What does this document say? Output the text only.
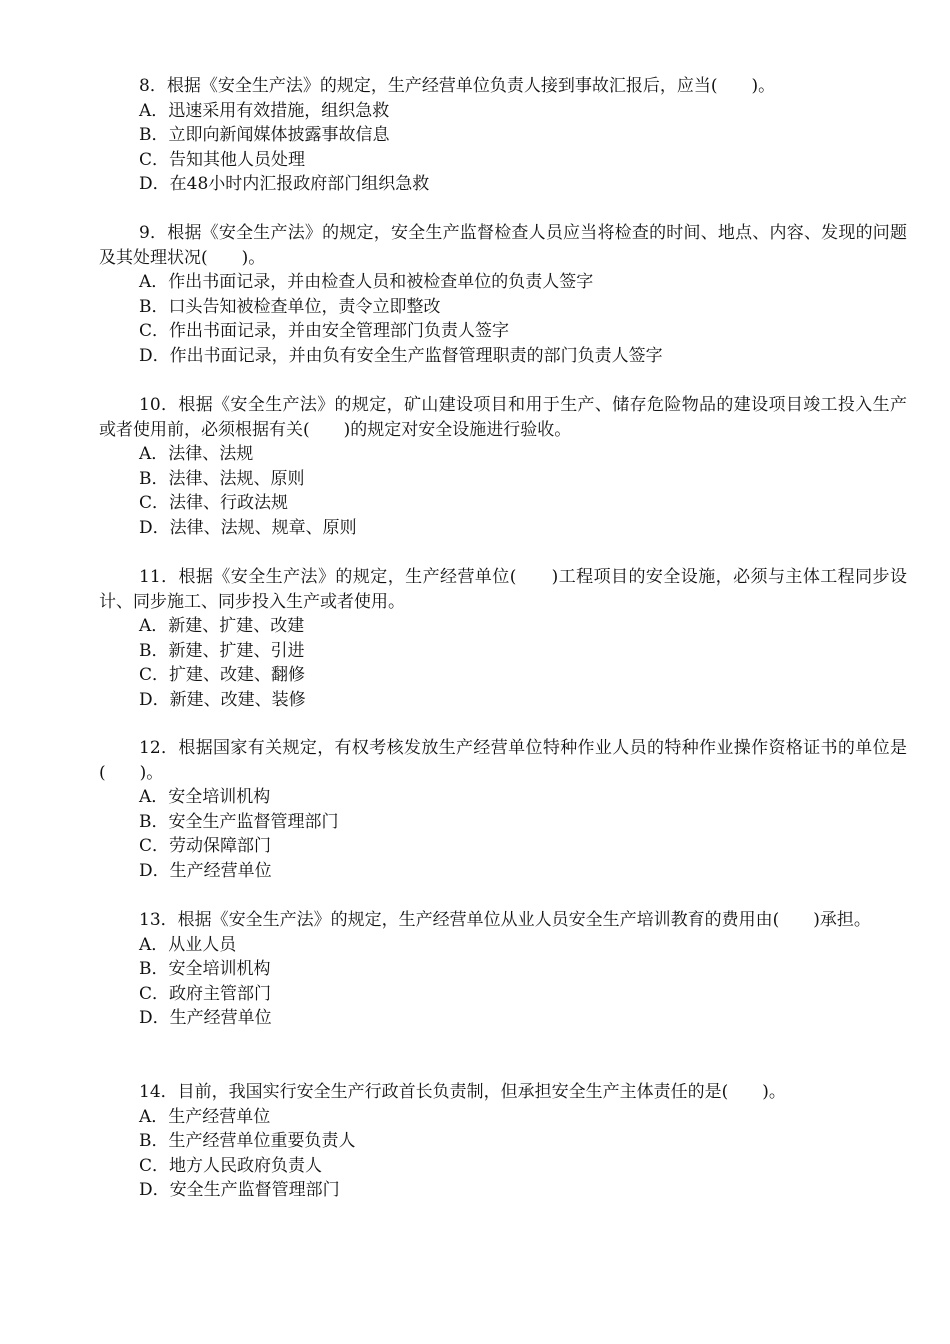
8．根据《安全生产法》的规定，生产经营单位负责人接到事故汇报后，应当(　　)。

A．迅速采用有效措施，组织急救
B．立即向新闻媒体披露事故信息
C．告知其他人员处理
D．在48小时内汇报政府部门组织急救

9．根据《安全生产法》的规定，安全生产监督检查人员应当将检查的时间、地点、内容、发现的问题及其处理状况(　　)。

A．作出书面记录，并由检查人员和被检查单位的负责人签字
B．口头告知被检查单位，责令立即整改
C．作出书面记录，并由安全管理部门负责人签字
D．作出书面记录，并由负有安全生产监督管理职责的部门负责人签字

10．根据《安全生产法》的规定，矿山建设项目和用于生产、储存危险物品的建设项目竣工投入生产或者使用前，必须根据有关(　　)的规定对安全设施进行验收。

A．法律、法规
B．法律、法规、原则
C．法律、行政法规
D．法律、法规、规章、原则

11．根据《安全生产法》的规定，生产经营单位(　　)工程项目的安全设施，必须与主体工程同步设计、同步施工、同步投入生产或者使用。

A．新建、扩建、改建
B．新建、扩建、引进
C．扩建、改建、翻修
D．新建、改建、装修

12．根据国家有关规定，有权考核发放生产经营单位特种作业人员的特种作业操作资格证书的单位是(　　)。

A．安全培训机构
B．安全生产监督管理部门
C．劳动保障部门
D．生产经营单位

13．根据《安全生产法》的规定，生产经营单位从业人员安全生产培训教育的费用由(　　)承担。

A．从业人员
B．安全培训机构
C．政府主管部门
D．生产经营单位

14．目前，我国实行安全生产行政首长负责制，但承担安全生产主体责任的是(　　)。

A．生产经营单位
B．生产经营单位重要负责人
C．地方人民政府负责人
D．安全生产监督管理部门
